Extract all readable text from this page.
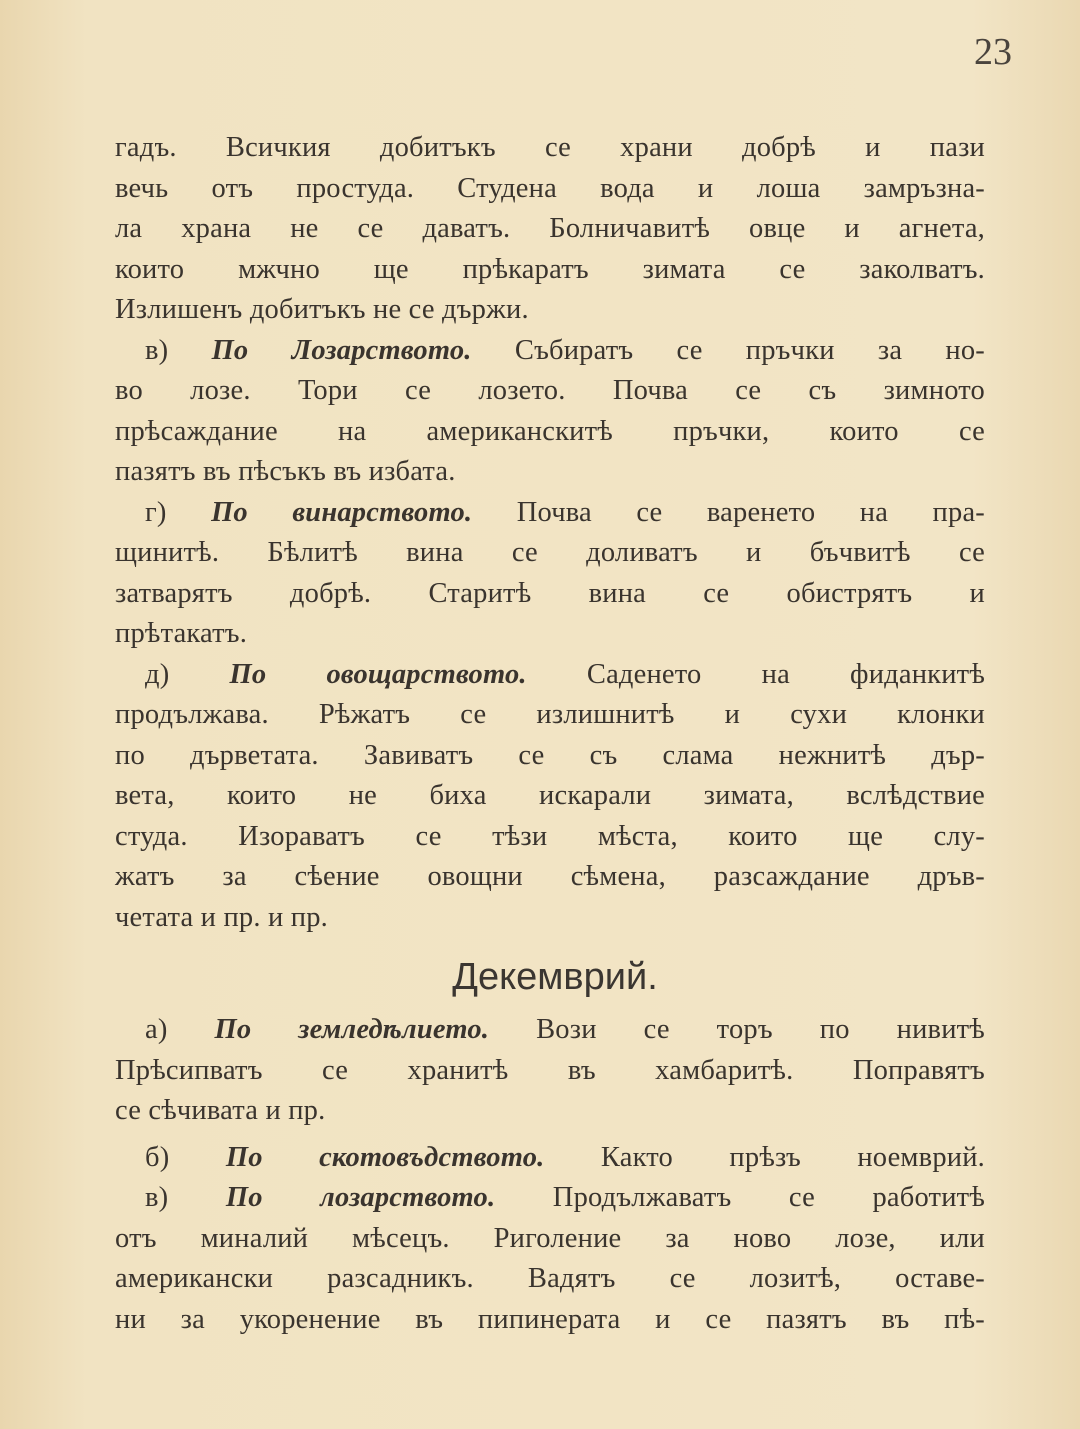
23
гадъ. Всичкия добитъкъ се храни добрѣ и пази
вечь отъ простуда. Студена вода и лоша замръзна-
ла храна не се даватъ. Болничавитѣ овце и агнета,
които мжчно ще прѣкаратъ зимата се заколватъ.
Излишенъ добитъкъ не се държи.
в) По Лозарството. Събиратъ се пръчки за но-
во лозе. Тори се лозето. Почва се съ зимното
прѣсаждание на американскитѣ пръчки, които се
пазятъ въ пѣсъкъ въ избата.
г) По винарството. Почва се варенето на пра-
щинитѣ. Бѣлитѣ вина се доливатъ и бъчвитѣ се
затварятъ добрѣ. Старитѣ вина се обистрятъ и
прѣтакатъ.
д) По овощарството. Саденето на фиданкитѣ
продължава. Рѣжатъ се излишнитѣ и сухи клонки
по дърветата. Завиватъ се съ слама нежнитѣ дър-
вета, които не биха искарали зимата, вслѣдствие
студа. Изораватъ се тѣзи мѣста, които ще слу-
жатъ за сѣение овощни сѣмена, разсаждание дръв-
четата и пр. и пр.
Декемврий.
а) По земледѣлието. Вози се торъ по нивитѣ
Прѣсипватъ се хранитѣ въ хамбаритѣ. Поправятъ
се сѣчивата и пр.
б) По скотовъдството. Както прѣзъ ноемврий.
в) По лозарството. Продължаватъ се работитѣ
отъ миналий мѣсецъ. Риголение за ново лозе, или
американски разсадникъ. Вадятъ се лозитѣ, оставе-
ни за укоренение въ пипинерата и се пазятъ въ пѣ-
